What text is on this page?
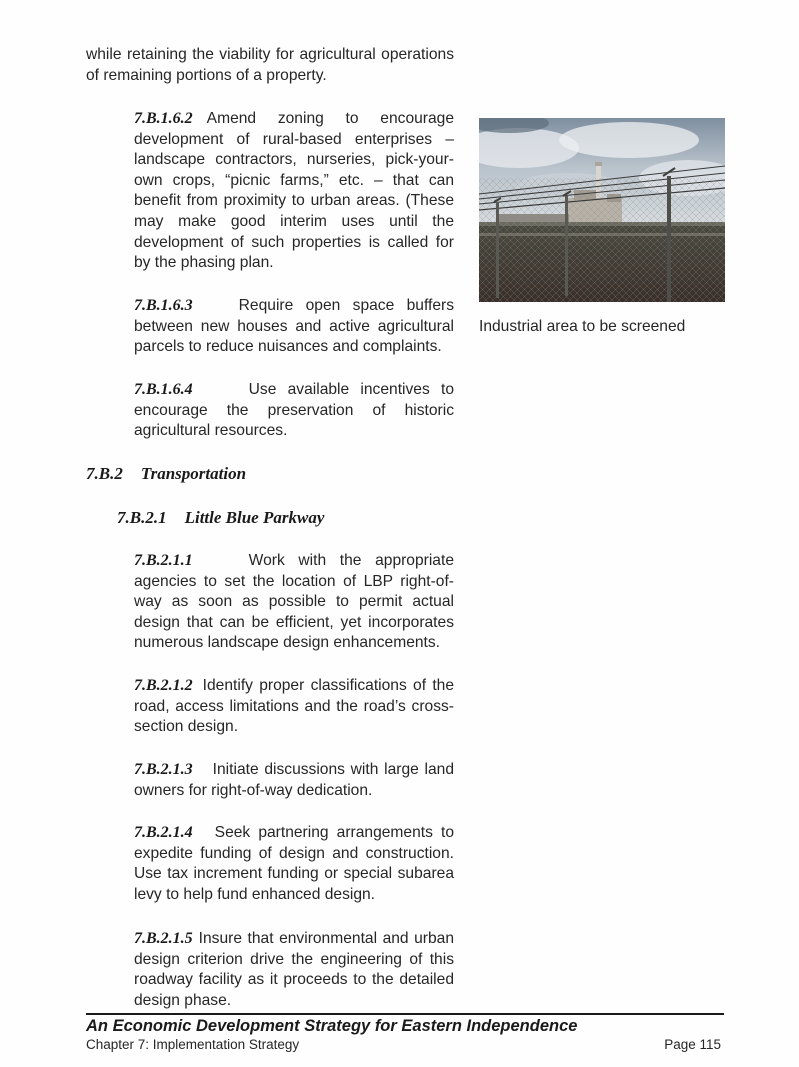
while retaining the viability for agricultural operations of remaining portions of a property.

7.B.1.6.2 Amend zoning to encourage development of rural-based enterprises – landscape contractors, nurseries, pick-your-own crops, “picnic farms,” etc. – that can benefit from proximity to urban areas. (These may make good interim uses until the development of such properties is called for by the phasing plan.

7.B.1.6.3	Require open space buffers between new houses and active agricultural parcels to reduce nuisances and complaints.

7.B.1.6.4	Use available incentives to encourage the preservation of historic agricultural resources.

7.B.2 Transportation
7.B.2.1 Little Blue Parkway

7.B.2.1.1	Work with the appropriate agencies to set the location of LBP right-of-way as soon as possible to permit actual design that can be efficient, yet incorporates numerous landscape design enhancements.

7.B.2.1.2 Identify proper classifications of the road, access limitations and the road’s cross-section design.

7.B.2.1.3 Initiate discussions with large land owners for right-of-way dedication.

7.B.2.1.4 Seek partnering arrangements to expedite funding of design and construction. Use tax increment funding or special subarea levy to help fund enhanced design.

7.B.2.1.5 Insure that environmental and urban design criterion drive the engineering of this roadway facility as it proceeds to the detailed design phase.

Industrial area to be screened

An Economic Development Strategy for Eastern Independence

Chapter 7: Implementation Strategy	Page 115
